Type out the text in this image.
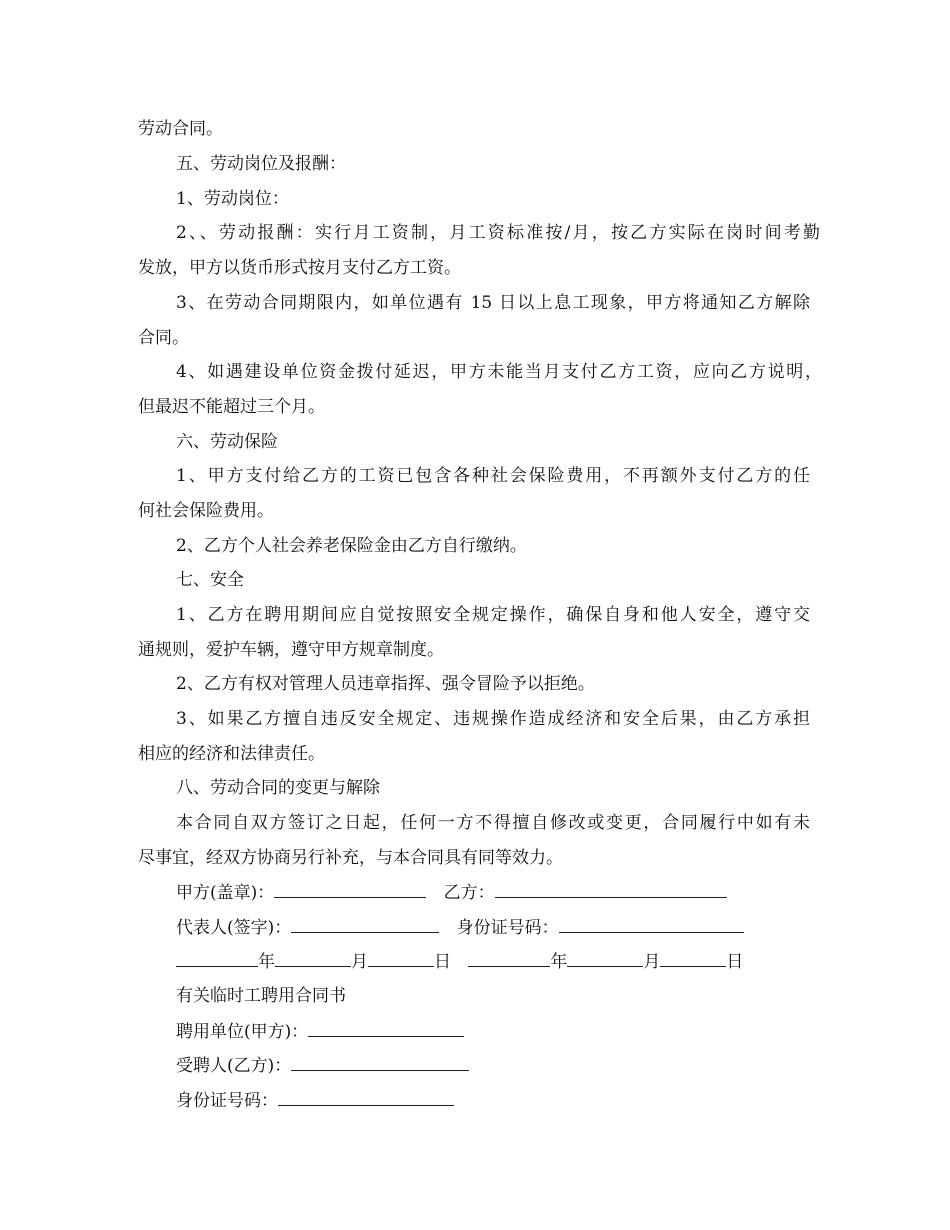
劳动合同。
五、劳动岗位及报酬：
1、劳动岗位：
2、、劳动报酬：实行月工资制，月工资标准按/月，按乙方实际在岗时间考勤
发放，甲方以货币形式按月支付乙方工资。
3、在劳动合同期限内，如单位遇有 15 日以上息工现象，甲方将通知乙方解除
合同。
4、如遇建设单位资金拨付延迟，甲方未能当月支付乙方工资，应向乙方说明，
但最迟不能超过三个月。
六、劳动保险
1、甲方支付给乙方的工资已包含各种社会保险费用，不再额外支付乙方的任
何社会保险费用。
2、乙方个人社会养老保险金由乙方自行缴纳。
七、安全
1、乙方在聘用期间应自觉按照安全规定操作，确保自身和他人安全，遵守交
通规则，爱护车辆，遵守甲方规章制度。
2、乙方有权对管理人员违章指挥、强令冒险予以拒绝。
3、如果乙方擅自违反安全规定、违规操作造成经济和安全后果，由乙方承担
相应的经济和法律责任。
八、劳动合同的变更与解除
本合同自双方签订之日起，任何一方不得擅自修改或变更，合同履行中如有未
尽事宜，经双方协商另行补充，与本合同具有同等效力。
甲方(盖章)：	乙方：
代表人(签字)：	身份证号码：
年	月	日	年	月	日
有关临时工聘用合同书
聘用单位(甲方)：
受聘人(乙方)：
身份证号码：
